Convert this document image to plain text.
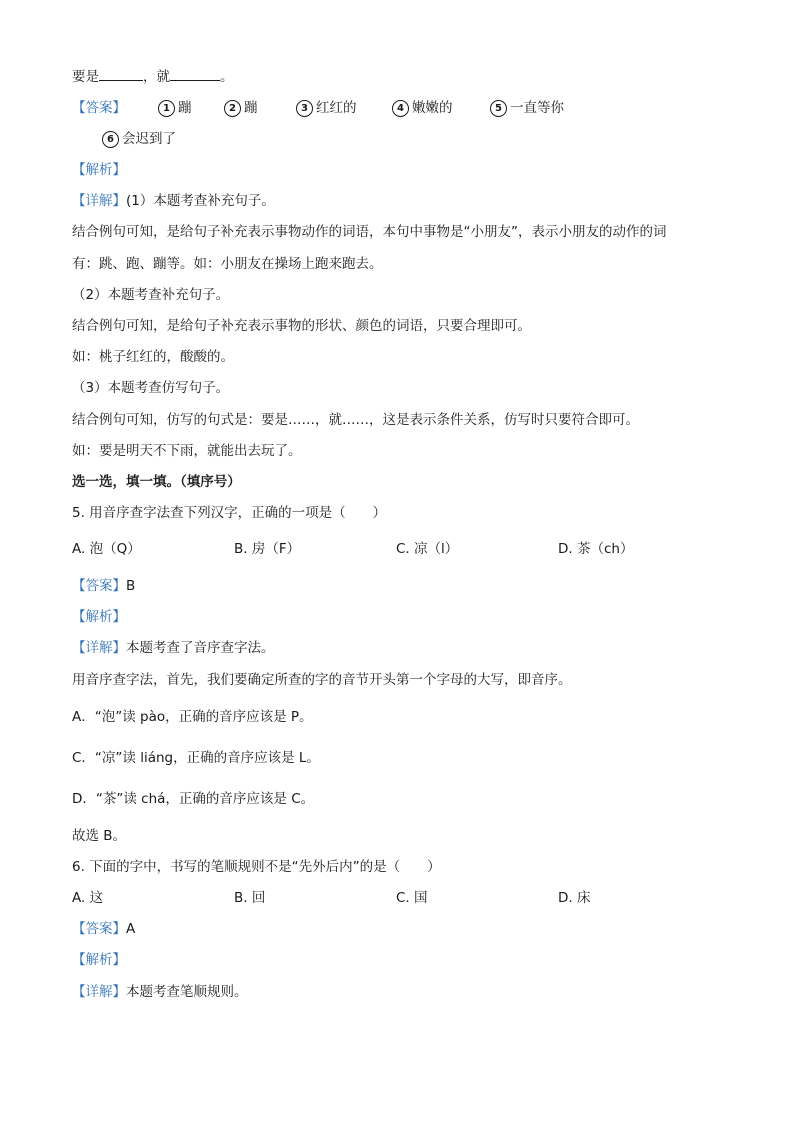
要是	，就	。
【答案】	1 蹦	2 蹦	3 红红的	4 嫩嫩的	5 一直等你
6 会迟到了
【解析】
【详解】(1）本题考查补充句子。
结合例句可知，是给句子补充表示事物动作的词语，本句中事物是“小朋友”，表示小朋友的动作的词
有：跳、跑、蹦等。如：小朋友在操场上跑来跑去。
（2）本题考查补充句子。
结合例句可知，是给句子补充表示事物的形状、颜色的词语，只要合理即可。
如：桃子红红的，酸酸的。
（3）本题考查仿写句子。
结合例句可知，仿写的句式是：要是……，就……，这是表示条件关系，仿写时只要符合即可。
如：要是明天不下雨，就能出去玩了。
选一选，填一填。（填序号）
5. 用音序查字法查下列汉字，正确的一项是（　　）
A. 泡（Q）	B. 房（F）	C. 凉（l）	D. 茶（ch）
【答案】B
【解析】
【详解】本题考查了音序查字法。
用音序查字法，首先，我们要确定所查的字的音节开头第一个字母的大写，即音序。
A．“泡”读 pào，正确的音序应该是 P。
C．“凉”读 liáng，正确的音序应该是 L。
D．“茶”读 chá，正确的音序应该是 C。
故选 B。
6. 下面的字中，书写的笔顺规则不是“先外后内”的是（　　）
A. 这	B. 回	C. 国	D. 床
【答案】A
【解析】
【详解】本题考查笔顺规则。
